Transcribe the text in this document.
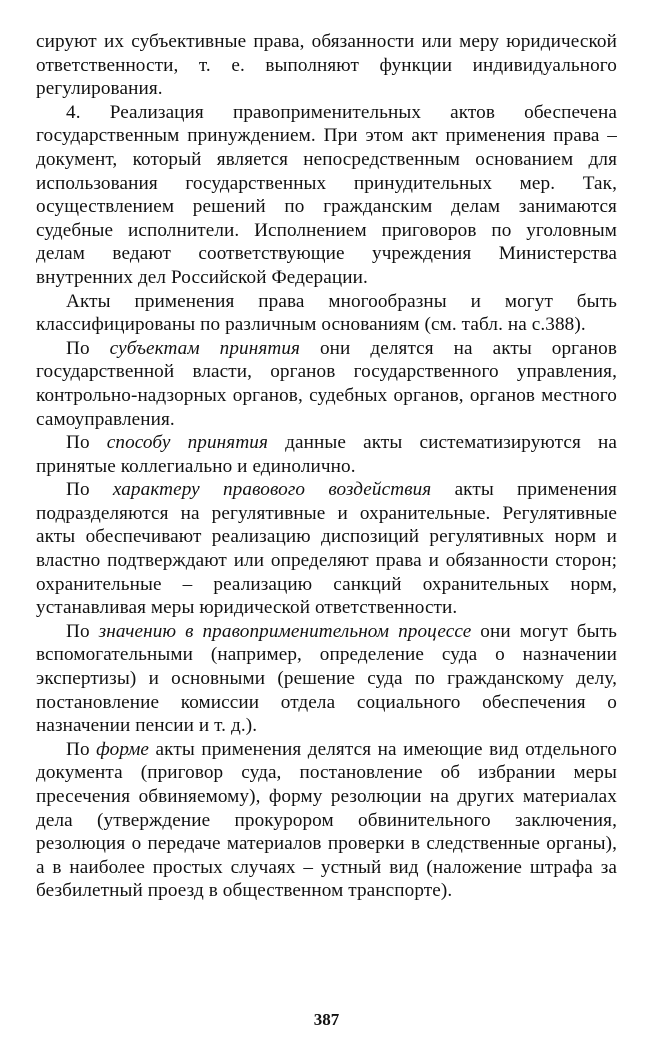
сируют их субъективные права, обязанности или меру юридической ответственности, т. е. выполняют функции индивидуального регулирования.

4. Реализация правоприменительных актов обеспечена государственным принуждением. При этом акт применения права – документ, который является непосредственным основанием для использования государственных принудительных мер. Так, осуществлением решений по гражданским делам занимаются судебные исполнители. Исполнением приговоров по уголовным делам ведают соответствующие учреждения Министерства внутренних дел Российской Федерации.

Акты применения права многообразны и могут быть классифицированы по различным основаниям (см. табл. на с.388).

По субъектам принятия они делятся на акты органов государственной власти, органов государственного управления, контрольно-надзорных органов, судебных органов, органов местного самоуправления.

По способу принятия данные акты систематизируются на принятые коллегиально и единолично.

По характеру правового воздействия акты применения подразделяются на регулятивные и охранительные. Регулятивные акты обеспечивают реализацию диспозиций регулятивных норм и властно подтверждают или определяют права и обязанности сторон; охранительные – реализацию санкций охранительных норм, устанавливая меры юридической ответственности.

По значению в правоприменительном процессе они могут быть вспомогательными (например, определение суда о назначении экспертизы) и основными (решение суда по гражданскому делу, постановление комиссии отдела социального обеспечения о назначении пенсии и т. д.).

По форме акты применения делятся на имеющие вид отдельного документа (приговор суда, постановление об избрании меры пресечения обвиняемому), форму резолюции на других материалах дела (утверждение прокурором обвинительного заключения, резолюция о передаче материалов проверки в следственные органы), а в наиболее простых случаях – устный вид (наложение штрафа за безбилетный проезд в общественном транспорте).

387
